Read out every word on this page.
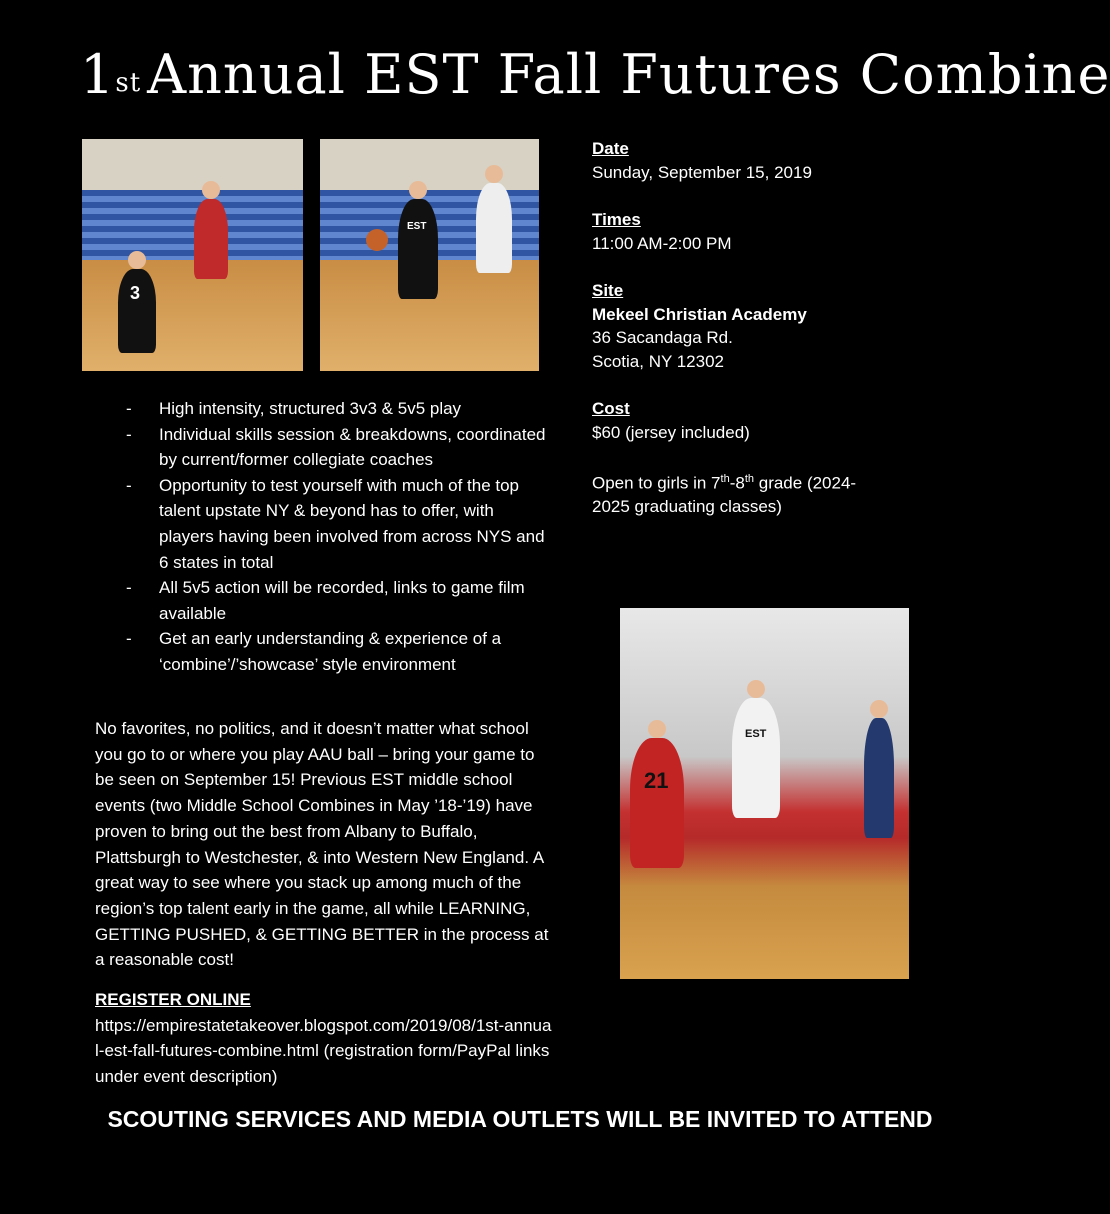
1st Annual EST Fall Futures Combine
3
EST
Date
Sunday, September 15, 2019
Times
11:00 AM-2:00 PM
Site
Mekeel Christian Academy
36 Sacandaga Rd.
Scotia, NY 12302
Cost
$60 (jersey included)
Open to girls in 7th-8th grade (2024-2025 graduating classes)
- High intensity, structured 3v3 & 5v5 play
- Individual skills session & breakdowns, coordinated by current/former collegiate coaches
- Opportunity to test yourself with much of the top talent upstate NY & beyond has to offer, with players having been involved from across NYS and 6 states in total
- All 5v5 action will be recorded, links to game film available
- Get an early understanding & experience of a ‘combine’/’showcase’ style environment
EST
21
No favorites, no politics, and it doesn’t matter what school you go to or where you play AAU ball – bring your game to be seen on September 15! Previous EST middle school events (two Middle School Combines in May ’18-’19) have proven to bring out the best from Albany to Buffalo, Plattsburgh to Westchester, & into Western New England. A great way to see where you stack up among much of the region’s top talent early in the game, all while LEARNING, GETTING PUSHED, & GETTING BETTER in the process at a reasonable cost!
REGISTER ONLINE
https://empirestatetakeover.blogspot.com/2019/08/1st-annual-est-fall-futures-combine.html (registration form/PayPal links under event description)
SCOUTING SERVICES AND MEDIA OUTLETS WILL BE INVITED TO ATTEND
